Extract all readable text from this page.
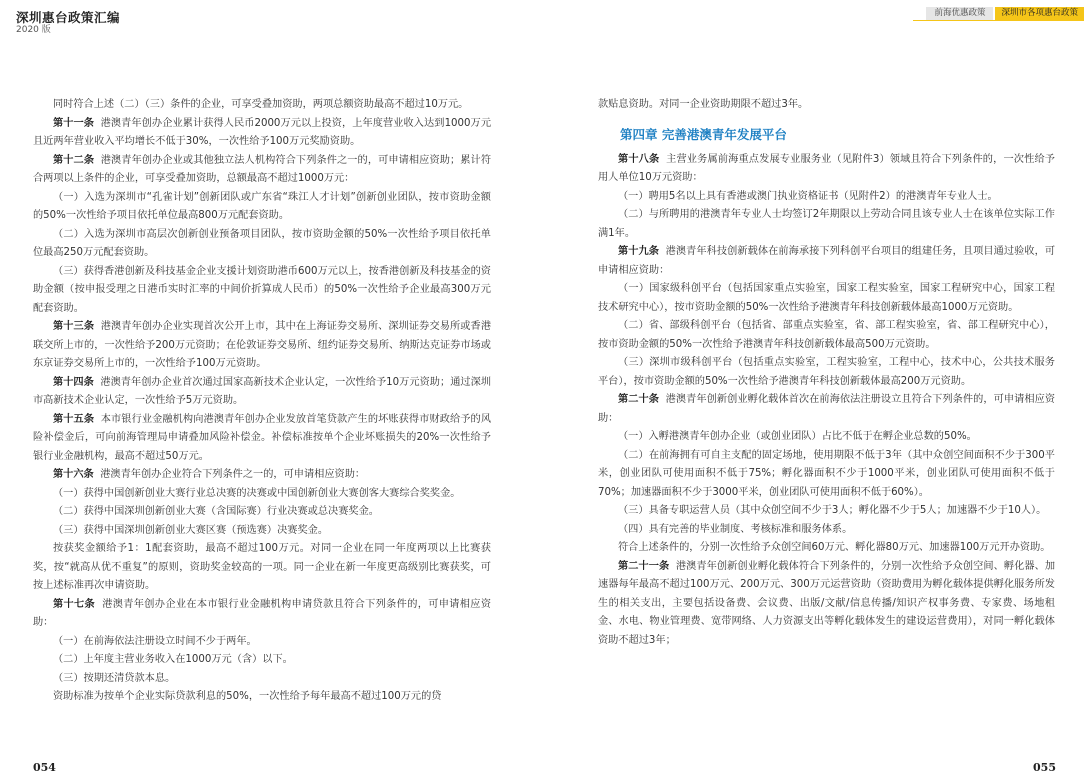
深圳惠台政策汇编
2020 版
前海优惠政策	深圳市各项惠台政策

同时符合上述（二）（三）条件的企业，可享受叠加资助，两项总额资助最高不超过10万元。

第十一条 港澳青年创办企业累计获得人民币2000万元以上投资，上年度营业收入达到1000万元且近两年营业收入平均增长不低于30%，一次性给予100万元奖励资助。

第十二条 港澳青年创办企业或其他独立法人机构符合下列条件之一的，可申请相应资助；累计符合两项以上条件的企业，可享受叠加资助，总额最高不超过1000万元：

（一）入选为深圳市“孔雀计划”创新团队或广东省“珠江人才计划”创新创业团队，按市资助金额的50%一次性给予项目依托单位最高800万元配套资助。

（二）入选为深圳市高层次创新创业预备项目团队，按市资助金额的50%一次性给予项目依托单位最高250万元配套资助。

（三）获得香港创新及科技基金企业支援计划资助港币600万元以上，按香港创新及科技基金的资助金额（按申报受理之日港币实时汇率的中间价折算成人民币）的50%一次性给予企业最高300万元配套资助。

第十三条 港澳青年创办企业实现首次公开上市，其中在上海证券交易所、深圳证券交易所或香港联交所上市的，一次性给予200万元资助；在伦敦证券交易所、纽约证券交易所、纳斯达克证券市场或东京证券交易所上市的，一次性给予100万元资助。

第十四条 港澳青年创办企业首次通过国家高新技术企业认定，一次性给予10万元资助；通过深圳市高新技术企业认定，一次性给予5万元资助。

第十五条 本市银行业金融机构向港澳青年创办企业发放首笔贷款产生的坏账获得市财政给予的风险补偿金后，可向前海管理局申请叠加风险补偿金。补偿标准按单个企业坏账损失的20%一次性给予银行业金融机构，最高不超过50万元。

第十六条 港澳青年创办企业符合下列条件之一的，可申请相应资助：

（一）获得中国创新创业大赛行业总决赛的决赛或中国创新创业大赛创客大赛综合奖奖金。

（二）获得中国深圳创新创业大赛（含国际赛）行业决赛或总决赛奖金。

（三）获得中国深圳创新创业大赛区赛（预选赛）决赛奖金。

按获奖金额给予1：1配套资助，最高不超过100万元。对同一企业在同一年度两项以上比赛获奖，按“就高从优不重复”的原则，资助奖金较高的一项。同一企业在新一年度更高级别比赛获奖，可按上述标准再次申请资助。

第十七条 港澳青年创办企业在本市银行业金融机构申请贷款且符合下列条件的，可申请相应资助：

（一）在前海依法注册设立时间不少于两年。

（二）上年度主营业务收入在1000万元（含）以下。

（三）按期还清贷款本息。

资助标准为按单个企业实际贷款利息的50%，一次性给予每年最高不超过100万元的贷

款贴息资助。对同一企业资助期限不超过3年。

第四章 完善港澳青年发展平台

第十八条 主营业务属前海重点发展专业服务业（见附件3）领域且符合下列条件的，一次性给予用人单位10万元资助：

（一）聘用5名以上具有香港或澳门执业资格证书（见附件2）的港澳青年专业人士。

（二）与所聘用的港澳青年专业人士均签订2年期限以上劳动合同且该专业人士在该单位实际工作满1年。

第十九条 港澳青年科技创新载体在前海承接下列科创平台项目的组建任务，且项目通过验收，可申请相应资助：

（一）国家级科创平台（包括国家重点实验室，国家工程实验室，国家工程研究中心，国家工程技术研究中心），按市资助金额的50%一次性给予港澳青年科技创新载体最高1000万元资助。

（二）省、部级科创平台（包括省、部重点实验室，省、部工程实验室，省、部工程研究中心），按市资助金额的50%一次性给予港澳青年科技创新载体最高500万元资助。

（三）深圳市级科创平台（包括重点实验室，工程实验室，工程中心，技术中心，公共技术服务平台），按市资助金额的50%一次性给予港澳青年科技创新载体最高200万元资助。

第二十条 港澳青年创新创业孵化载体首次在前海依法注册设立且符合下列条件的，可申请相应资助：

（一）入孵港澳青年创办企业（或创业团队）占比不低于在孵企业总数的50%。

（二）在前海拥有可自主支配的固定场地，使用期限不低于3年（其中众创空间面积不少于300平米，创业团队可使用面积不低于75%；孵化器面积不少于1000平米，创业团队可使用面积不低于70%；加速器面积不少于3000平米，创业团队可使用面积不低于60%）。

（三）具备专职运营人员（其中众创空间不少于3人；孵化器不少于5人；加速器不少于10人）。

（四）具有完善的毕业制度、考核标准和服务体系。

符合上述条件的，分别一次性给予众创空间60万元、孵化器80万元、加速器100万元开办资助。

第二十一条 港澳青年创新创业孵化载体符合下列条件的，分别一次性给予众创空间、孵化器、加速器每年最高不超过100万元、200万元、300万元运营资助（资助费用为孵化载体提供孵化服务所发生的相关支出，主要包括设备费、会议费、出版/文献/信息传播/知识产权事务费、专家费、场地租金、水电、物业管理费、宽带网络、人力资源支出等孵化载体发生的建设运营费用），对同一孵化载体资助不超过3年；

054	055
